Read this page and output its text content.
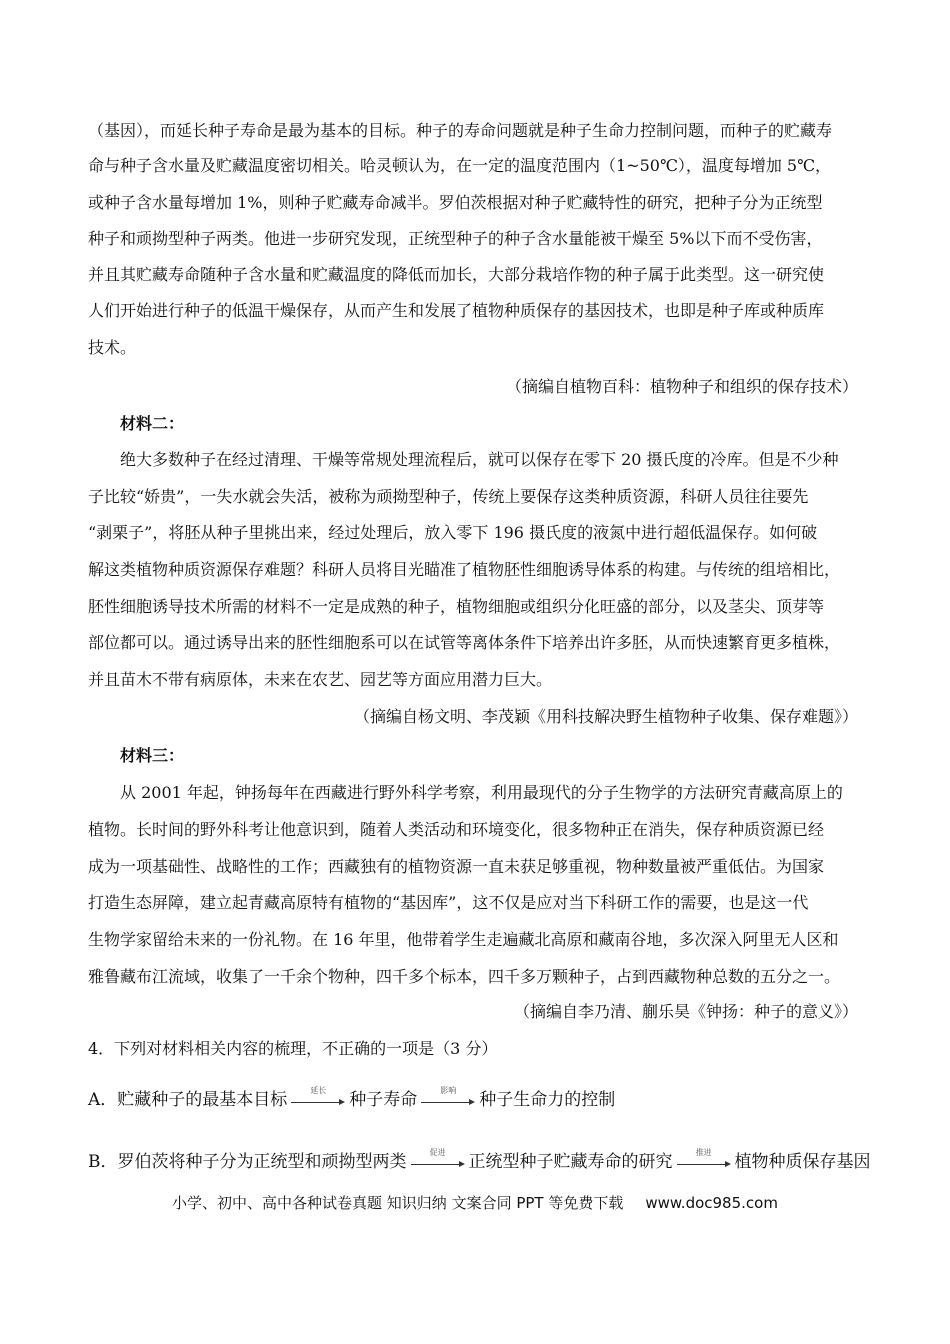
（基因），而延长种子寿命是最为基本的目标。种子的寿命问题就是种子生命力控制问题，而种子的贮藏寿
命与种子含水量及贮藏温度密切相关。哈灵顿认为，在一定的温度范围内（1~50℃），温度每增加 5℃，
或种子含水量每增加 1%，则种子贮藏寿命减半。罗伯茨根据对种子贮藏特性的研究，把种子分为正统型
种子和顽拗型种子两类。他进一步研究发现，正统型种子的种子含水量能被干燥至 5%以下而不受伤害，
并且其贮藏寿命随种子含水量和贮藏温度的降低而加长，大部分栽培作物的种子属于此类型。这一研究使
人们开始进行种子的低温干燥保存，从而产生和发展了植物种质保存的基因技术，也即是种子库或种质库
技术。
（摘编自植物百科：植物种子和组织的保存技术）
材料二：
绝大多数种子在经过清理、干燥等常规处理流程后，就可以保存在零下 20 摄氏度的冷库。但是不少种
子比较“娇贵”，一失水就会失活，被称为顽拗型种子，传统上要保存这类种质资源，科研人员往往要先
“剥栗子”，将胚从种子里挑出来，经过处理后，放入零下 196 摄氏度的液氮中进行超低温保存。如何破
解这类植物种质资源保存难题？科研人员将目光瞄准了植物胚性细胞诱导体系的构建。与传统的组培相比，
胚性细胞诱导技术所需的材料不一定是成熟的种子，植物细胞或组织分化旺盛的部分，以及茎尖、顶芽等
部位都可以。通过诱导出来的胚性细胞系可以在试管等离体条件下培养出许多胚，从而快速繁育更多植株，
并且苗木不带有病原体，未来在农艺、园艺等方面应用潜力巨大。
（摘编自杨文明、李茂颖《用科技解决野生植物种子收集、保存难题》）
材料三：
从 2001 年起，钟扬每年在西藏进行野外科学考察，利用最现代的分子生物学的方法研究青藏高原上的
植物。长时间的野外科考让他意识到，随着人类活动和环境变化，很多物种正在消失，保存种质资源已经
成为一项基础性、战略性的工作；西藏独有的植物资源一直未获足够重视，物种数量被严重低估。为国家
打造生态屏障，建立起青藏高原特有植物的“基因库”，这不仅是应对当下科研工作的需要，也是这一代
生物学家留给未来的一份礼物。在 16 年里，他带着学生走遍藏北高原和藏南谷地，多次深入阿里无人区和
雅鲁藏布江流域，收集了一千余个物种，四千多个标本，四千多万颗种子，占到西藏物种总数的五分之一。
（摘编自李乃清、蒯乐昊《钟扬：种子的意义》）
4．下列对材料相关内容的梳理，不正确的一项是（3 分）
A．贮藏种子的最基本目标	延长	种子寿命	影响	种子生命力的控制
B．罗伯茨将种子分为正统型和顽拗型两类	促进	正统型种子贮藏寿命的研究	推进	植物种质保存基因
小学、初中、高中各种试卷真题 知识归纳 文案合同 PPT 等免费下载 www.doc985.com
